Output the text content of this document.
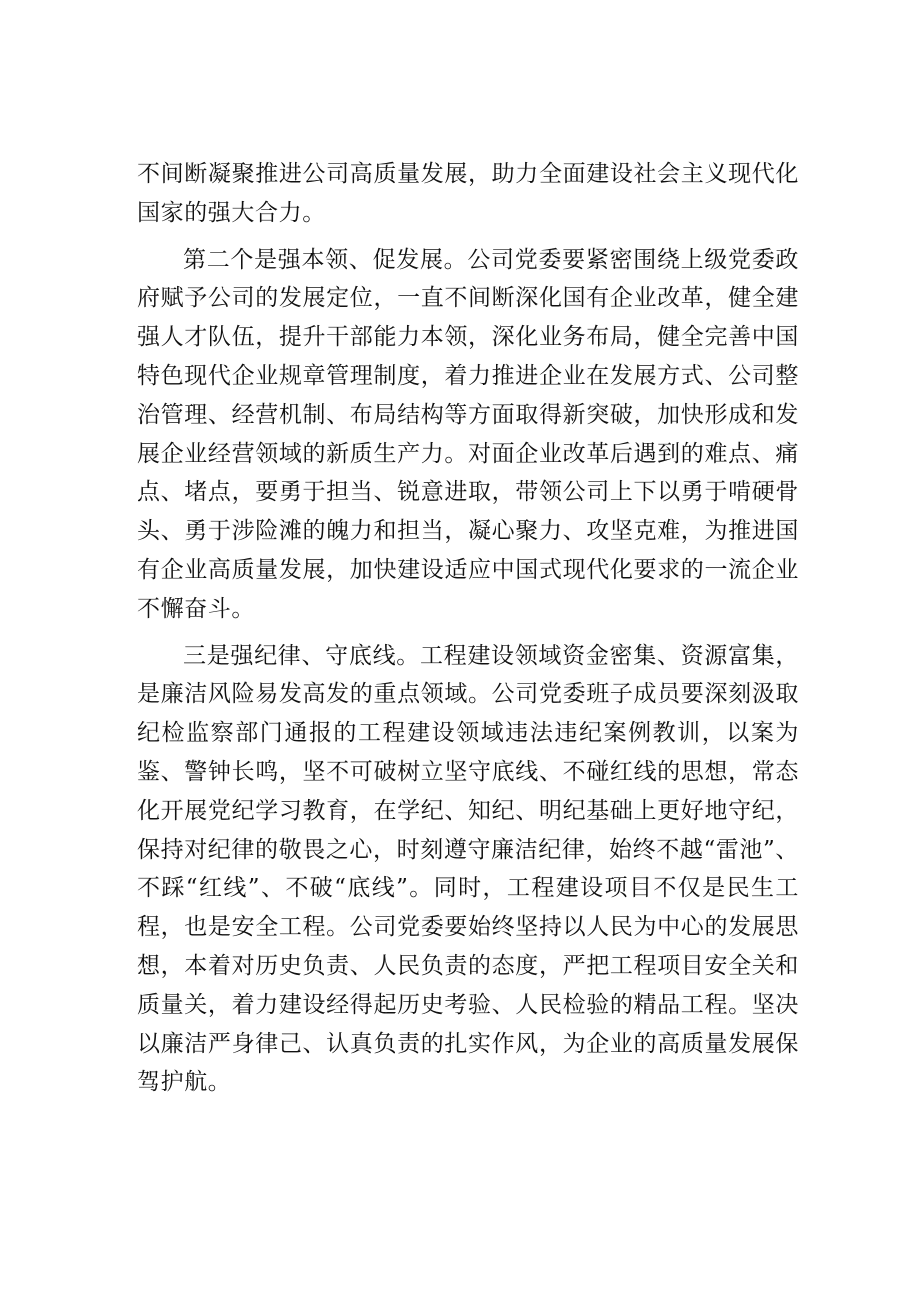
不间断凝聚推进公司高质量发展，助力全面建设社会主义现代化国家的强大合力。

第二个是强本领、促发展。公司党委要紧密围绕上级党委政府赋予公司的发展定位，一直不间断深化国有企业改革，健全建强人才队伍，提升干部能力本领，深化业务布局，健全完善中国特色现代企业规章管理制度，着力推进企业在发展方式、公司整治管理、经营机制、布局结构等方面取得新突破，加快形成和发展企业经营领域的新质生产力。对面企业改革后遇到的难点、痛点、堵点，要勇于担当、锐意进取，带领公司上下以勇于啃硬骨头、勇于涉险滩的魄力和担当，凝心聚力、攻坚克难，为推进国有企业高质量发展，加快建设适应中国式现代化要求的一流企业不懈奋斗。

三是强纪律、守底线。工程建设领域资金密集、资源富集，是廉洁风险易发高发的重点领域。公司党委班子成员要深刻汲取纪检监察部门通报的工程建设领域违法违纪案例教训，以案为鉴、警钟长鸣，坚不可破树立坚守底线、不碰红线的思想，常态化开展党纪学习教育，在学纪、知纪、明纪基础上更好地守纪，保持对纪律的敬畏之心，时刻遵守廉洁纪律，始终不越“雷池”、不踩“红线”、不破“底线”。同时，工程建设项目不仅是民生工程，也是安全工程。公司党委要始终坚持以人民为中心的发展思想，本着对历史负责、人民负责的态度，严把工程项目安全关和质量关，着力建设经得起历史考验、人民检验的精品工程。坚决以廉洁严身律己、认真负责的扎实作风，为企业的高质量发展保驾护航。
